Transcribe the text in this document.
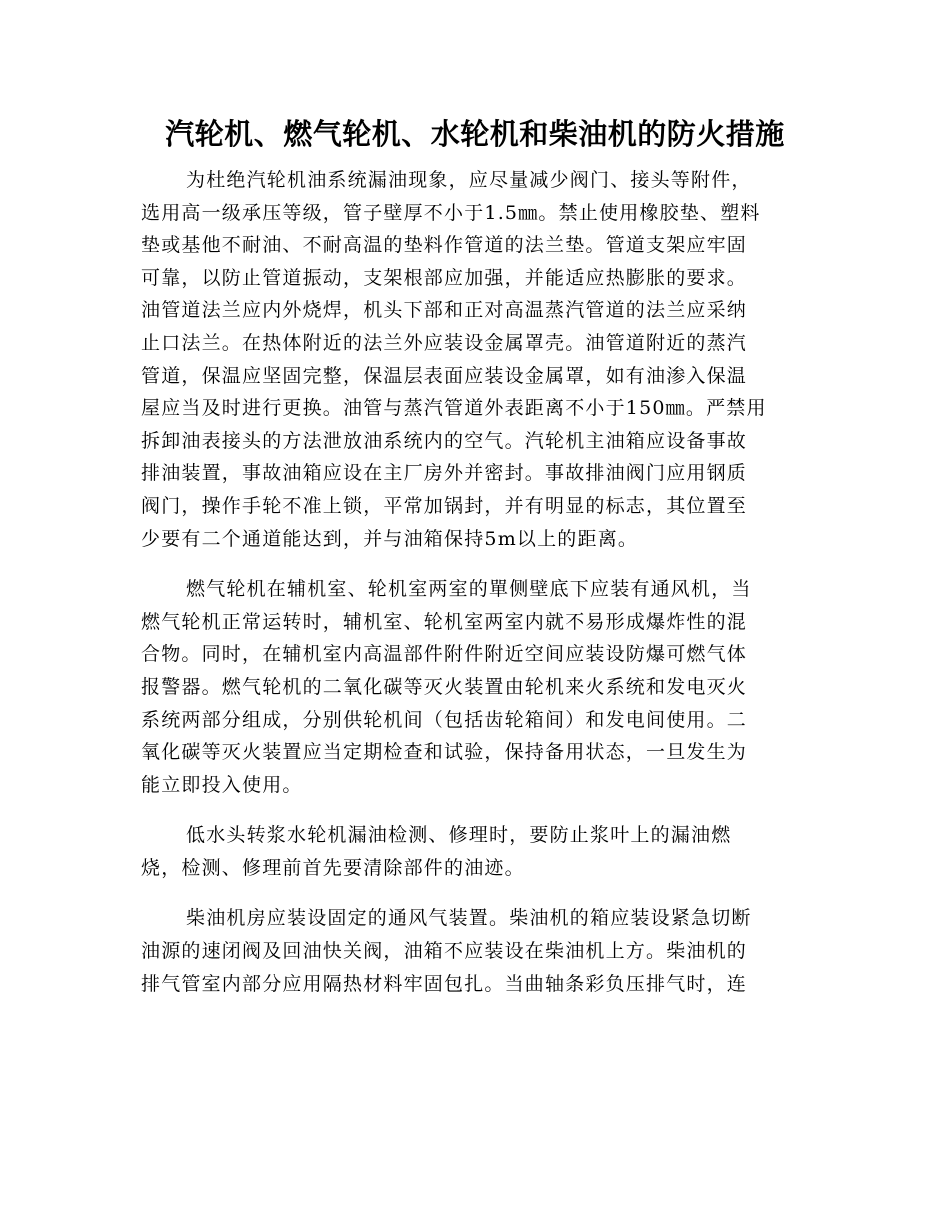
汽轮机、燃气轮机、水轮机和柴油机的防火措施
为杜绝汽轮机油系统漏油现象，应尽量减少阀门、接头等附件，
选用高一级承压等级，管子壁厚不小于1.5㎜。禁止使用橡胶垫、塑料
垫或基他不耐油、不耐高温的垫料作管道的法兰垫。管道支架应牢固
可靠，以防止管道振动，支架根部应加强，并能适应热膨胀的要求。
油管道法兰应内外烧焊，机头下部和正对高温蒸汽管道的法兰应采纳
止口法兰。在热体附近的法兰外应装设金属罩壳。油管道附近的蒸汽
管道，保温应坚固完整，保温层表面应装设金属罩，如有油渗入保温
屋应当及时进行更换。油管与蒸汽管道外表距离不小于150㎜。严禁用
拆卸油表接头的方法泄放油系统内的空气。汽轮机主油箱应设备事故
排油装置，事故油箱应设在主厂房外并密封。事故排油阀门应用钢质
阀门，操作手轮不准上锁，平常加锅封，并有明显的标志，其位置至
少要有二个通道能达到，并与油箱保持5m以上的距离。
燃气轮机在辅机室、轮机室两室的單侧壁底下应装有通风机，当
燃气轮机正常运转时，辅机室、轮机室两室内就不易形成爆炸性的混
合物。同时，在辅机室内高温部件附件附近空间应装设防爆可燃气体
报警器。燃气轮机的二氧化碳等灭火装置由轮机来火系统和发电灭火
系统两部分组成，分别供轮机间（包括齿轮箱间）和发电间使用。二
氧化碳等灭火装置应当定期检查和试验，保持备用状态，一旦发生为
能立即投入使用。
低水头转浆水轮机漏油检测、修理时，要防止浆叶上的漏油燃
烧，检测、修理前首先要清除部件的油迹。
柴油机房应装设固定的通风气装置。柴油机的箱应装设紧急切断
油源的速闭阀及回油快关阀，油箱不应装设在柴油机上方。柴油机的
排气管室内部分应用隔热材料牢固包扎。当曲轴条彩负压排气时，连
